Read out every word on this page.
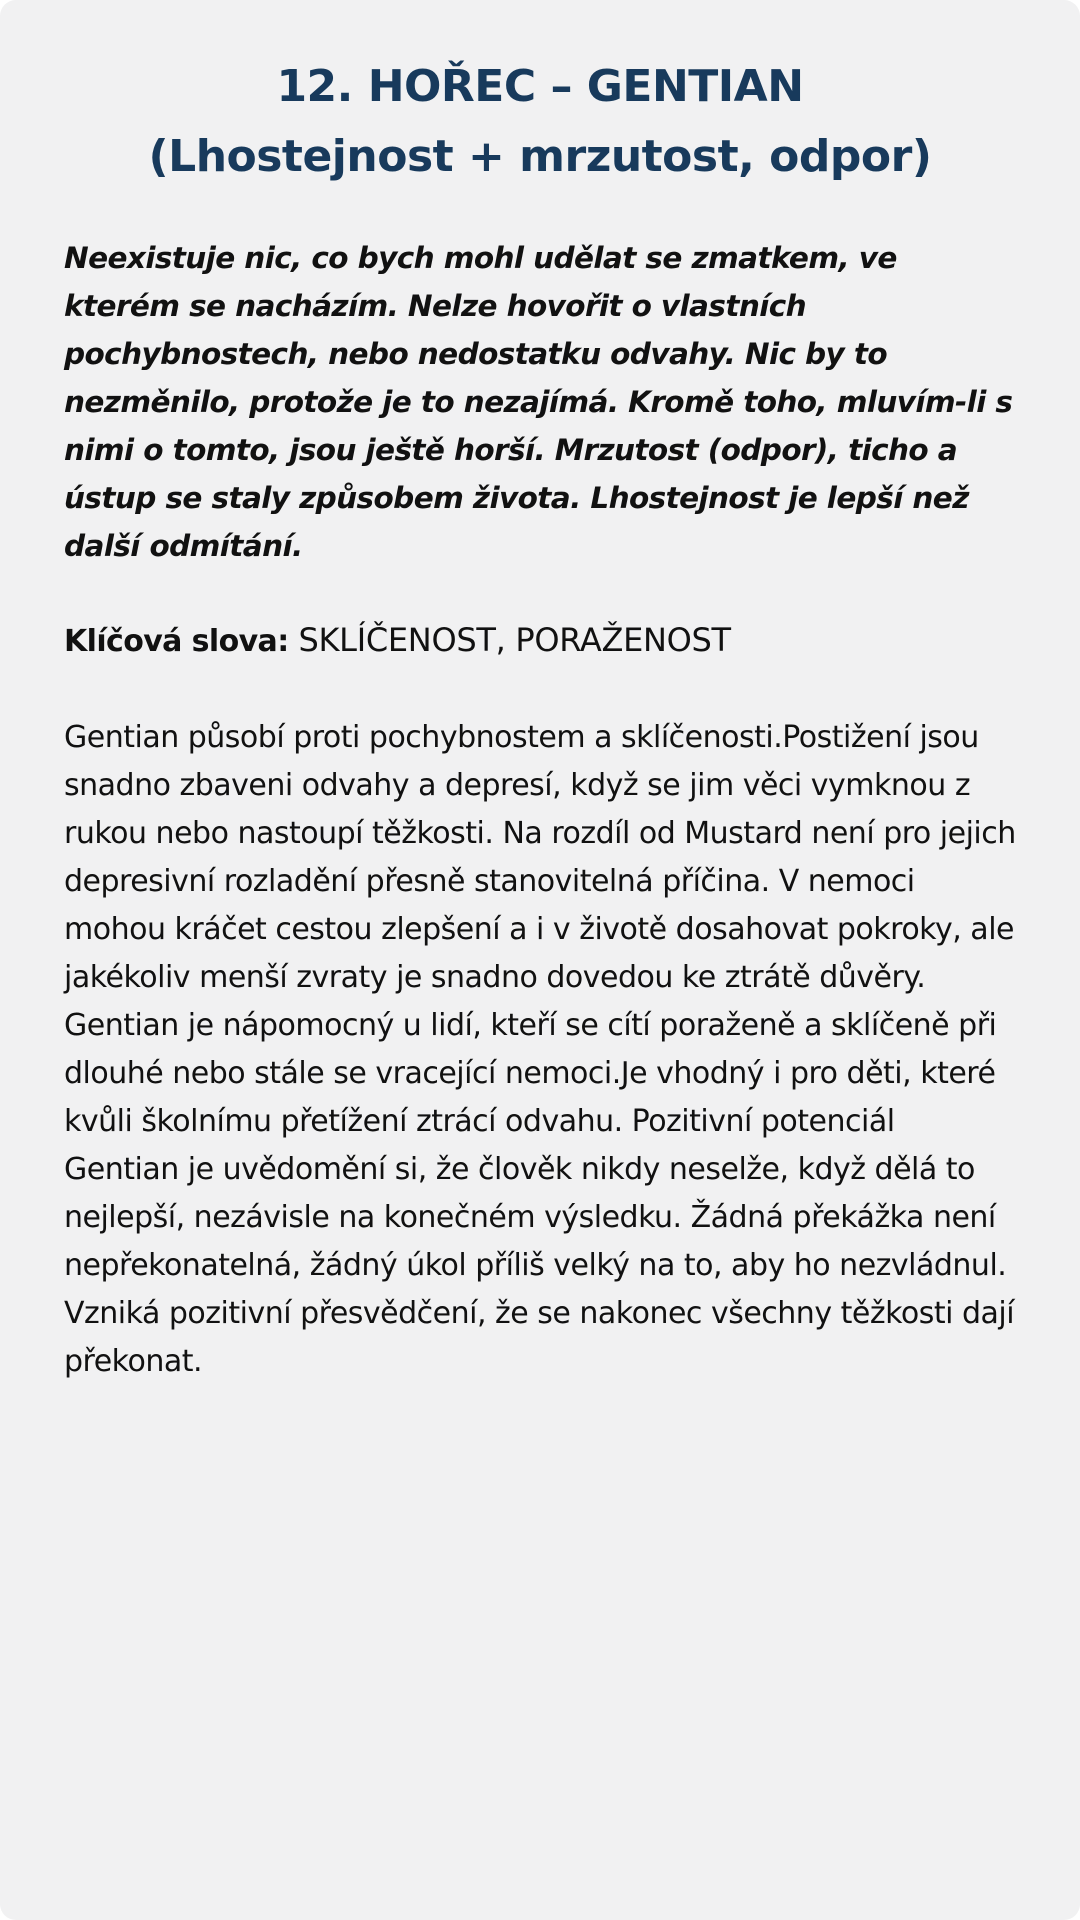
12. HOŘEC – GENTIAN
(Lhostejnost + mrzutost, odpor)

Neexistuje nic, co bych mohl udělat se zmatkem, ve kterém se nacházím. Nelze hovořit o vlastních pochybnostech, nebo nedostatku odvahy. Nic by to nezměnilo, protože je to nezajímá. Kromě toho, mluvím-li s nimi o tomto, jsou ještě horší. Mrzutost (odpor), ticho a ústup se staly způsobem života. Lhostejnost je lepší než další odmítání.

Klíčová slova: SKLÍČENOST, PORAŽENOST

Gentian působí proti pochybnostem a sklíčenosti.Postižení jsou snadno zbaveni odvahy a depresí, když se jim věci vymknou z rukou nebo nastoupí těžkosti. Na rozdíl od Mustard není pro jejich depresivní rozladění přesně stanovitelná příčina. V nemoci mohou kráčet cestou zlepšení a i v životě dosahovat pokroky, ale jakékoliv menší zvraty je snadno dovedou ke ztrátě důvěry. Gentian je nápomocný u lidí, kteří se cítí poraženě a sklíčeně při dlouhé nebo stále se vracející nemoci.Je vhodný i pro děti, které kvůli školnímu přetížení ztrácí odvahu. Pozitivní potenciál Gentian je uvědomění si, že člověk nikdy neselže, když dělá to nejlepší, nezávisle na konečném výsledku. Žádná překážka není nepřekonatelná, žádný úkol příliš velký na to, aby ho nezvládnul. Vzniká pozitivní přesvědčení, že se nakonec všechny těžkosti dají překonat.
